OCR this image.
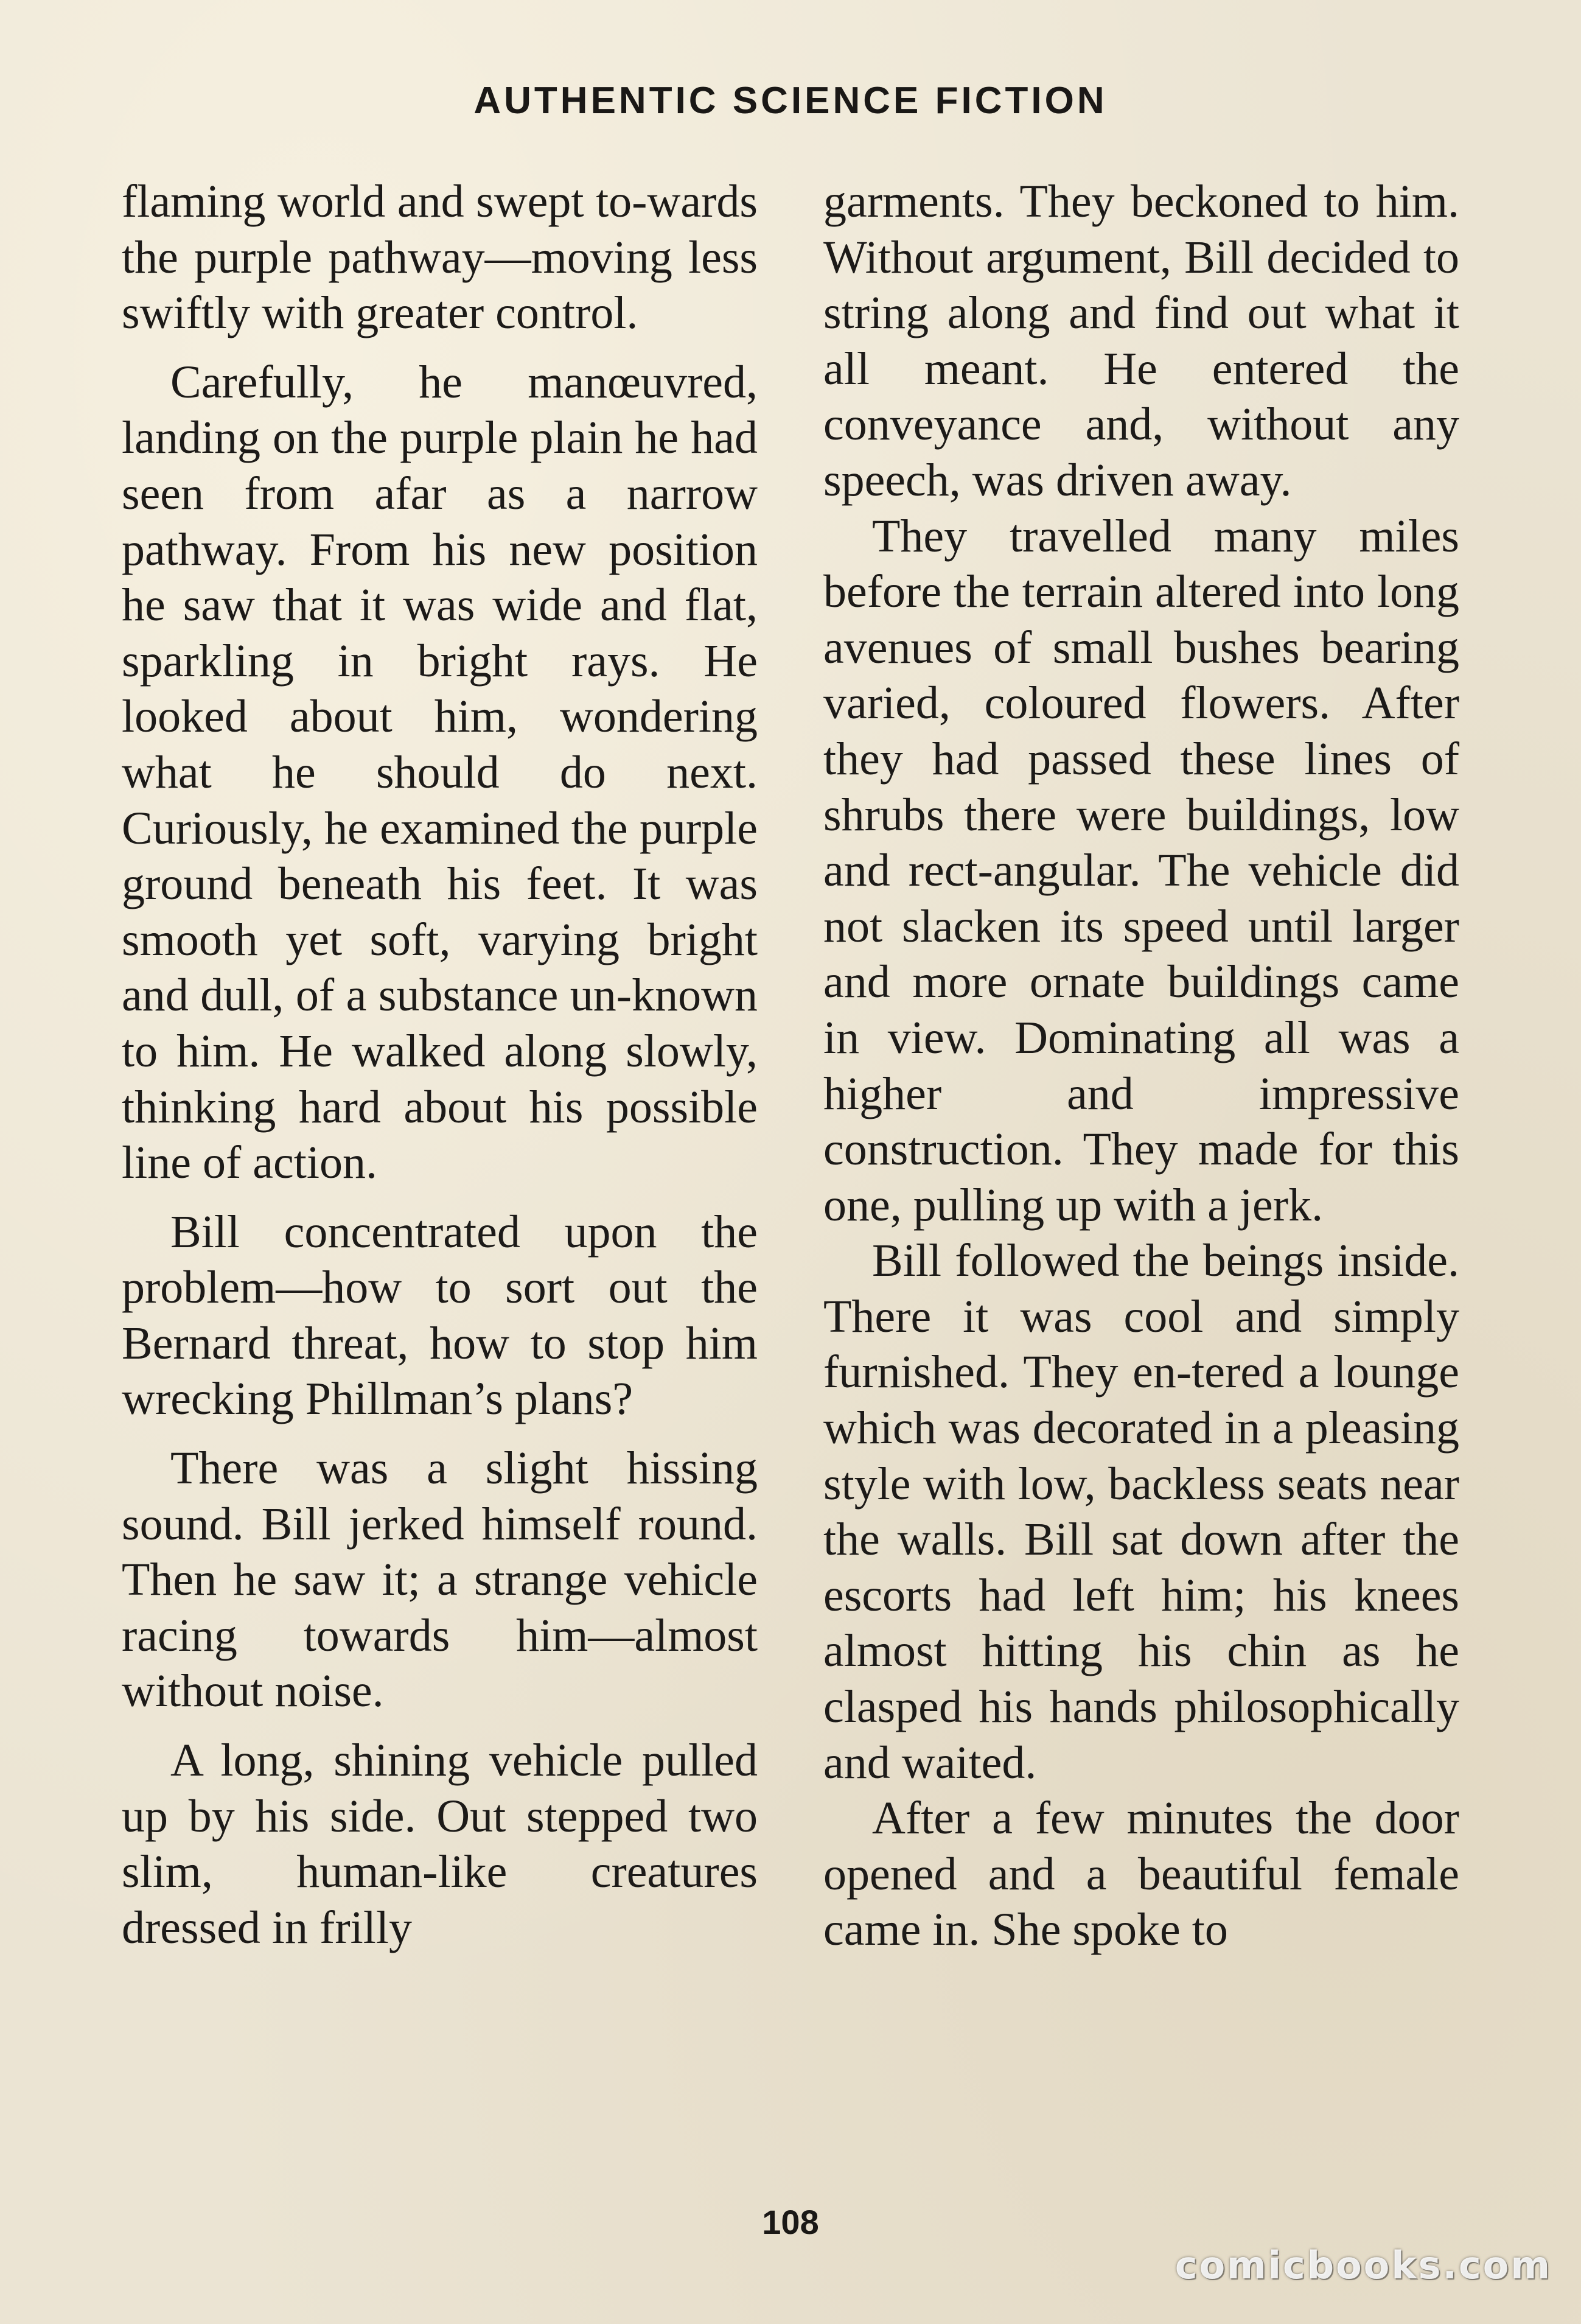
AUTHENTIC SCIENCE FICTION

flaming world and swept to-wards the purple pathway—moving less swiftly with greater control.

Carefully, he manœuvred, landing on the purple plain he had seen from afar as a narrow pathway. From his new position he saw that it was wide and flat, sparkling in bright rays. He looked about him, wondering what he should do next. Curiously, he examined the purple ground beneath his feet. It was smooth yet soft, varying bright and dull, of a substance un-known to him. He walked along slowly, thinking hard about his possible line of action.

Bill concentrated upon the problem—how to sort out the Bernard threat, how to stop him wrecking Phillman’s plans?

There was a slight hissing sound. Bill jerked himself round. Then he saw it; a strange vehicle racing towards him—almost without noise.

A long, shining vehicle pulled up by his side. Out stepped two slim, human-like creatures dressed in frilly

garments. They beckoned to him. Without argument, Bill decided to string along and find out what it all meant. He entered the conveyance and, without any speech, was driven away.

They travelled many miles before the terrain altered into long avenues of small bushes bearing varied, coloured flowers. After they had passed these lines of shrubs there were buildings, low and rect-angular. The vehicle did not slacken its speed until larger and more ornate buildings came in view. Dominating all was a higher and impressive construction. They made for this one, pulling up with a jerk.

Bill followed the beings inside. There it was cool and simply furnished. They en-tered a lounge which was decorated in a pleasing style with low, backless seats near the walls. Bill sat down after the escorts had left him; his knees almost hitting his chin as he clasped his hands philosophically and waited.

After a few minutes the door opened and a beautiful female came in. She spoke to

108
comicbooks.com
